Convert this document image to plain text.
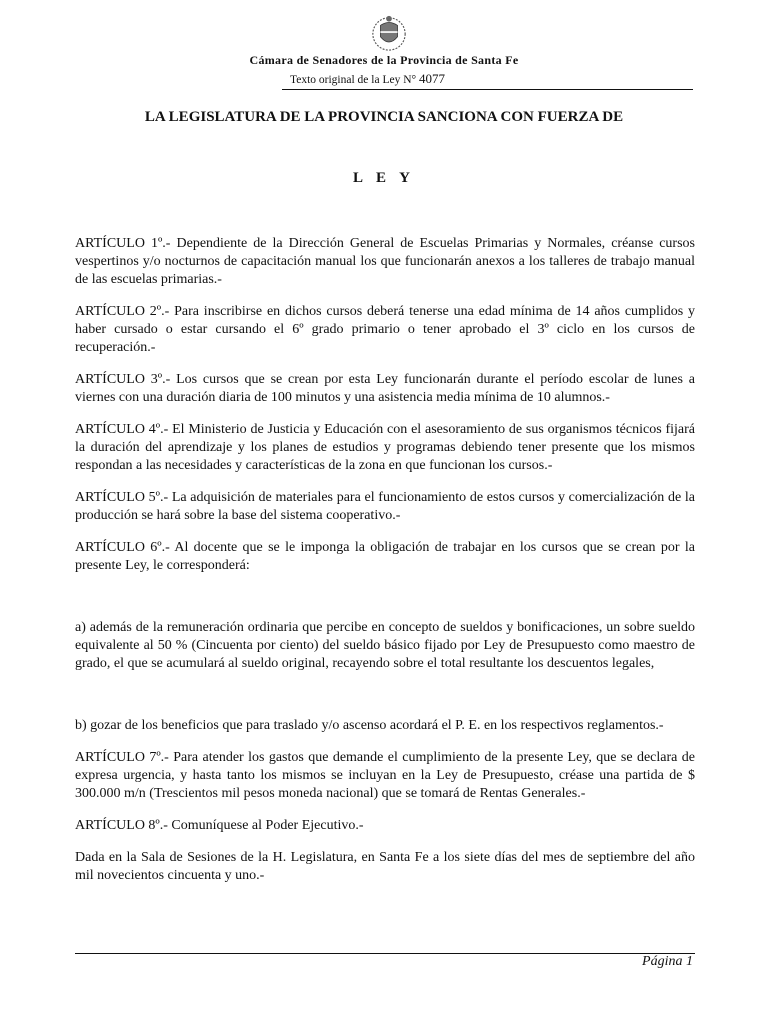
Cámara de Senadores de la Provincia de Santa Fe
Texto original de la Ley N° 4077
LA LEGISLATURA DE LA PROVINCIA SANCIONA CON FUERZA DE
L E Y

ARTÍCULO 1º.- Dependiente de la Dirección General de Escuelas Primarias y Normales, créanse cursos vespertinos y/o nocturnos de capacitación manual los que funcionarán anexos a los talleres de trabajo manual de las escuelas primarias.-

ARTÍCULO 2º.- Para inscribirse en dichos cursos deberá tenerse una edad mínima de 14 años cumplidos y haber cursado o estar cursando el 6º grado primario o tener aprobado el 3º ciclo en los cursos de recuperación.-

ARTÍCULO 3º.- Los cursos que se crean por esta Ley funcionarán durante el período escolar de lunes a viernes con una duración diaria de 100 minutos y una asistencia media mínima de 10 alumnos.-

ARTÍCULO 4º.- El Ministerio de Justicia y Educación con el asesoramiento de sus organismos técnicos fijará la duración del aprendizaje y los planes de estudios y programas debiendo tener presente que los mismos respondan a las necesidades y características de la zona en que funcionan los cursos.-

ARTÍCULO 5º.- La adquisición de materiales para el funcionamiento de estos cursos y comercialización de la producción se hará sobre la base del sistema cooperativo.-

ARTÍCULO 6º.- Al docente que se le imponga la obligación de trabajar en los cursos que se crean por la presente Ley, le corresponderá:

a) además de la remuneración ordinaria que percibe en concepto de sueldos y bonificaciones, un sobre sueldo equivalente al 50 % (Cincuenta por ciento) del sueldo básico fijado por Ley de Presupuesto como maestro de grado, el que se acumulará al sueldo original, recayendo sobre el total resultante los descuentos legales,

b) gozar de los beneficios que para traslado y/o ascenso acordará el P. E. en los respectivos reglamentos.-

ARTÍCULO 7º.- Para atender los gastos que demande el cumplimiento de la presente Ley, que se declara de expresa urgencia, y hasta tanto los mismos se incluyan en la Ley de Presupuesto, créase una partida de $ 300.000 m/n (Trescientos mil pesos moneda nacional) que se tomará de Rentas Generales.-

ARTÍCULO 8º.- Comuníquese al Poder Ejecutivo.-

Dada en la Sala de Sesiones de la H. Legislatura, en Santa Fe a los siete días del mes de septiembre del año mil novecientos cincuenta y uno.-

Página 1
